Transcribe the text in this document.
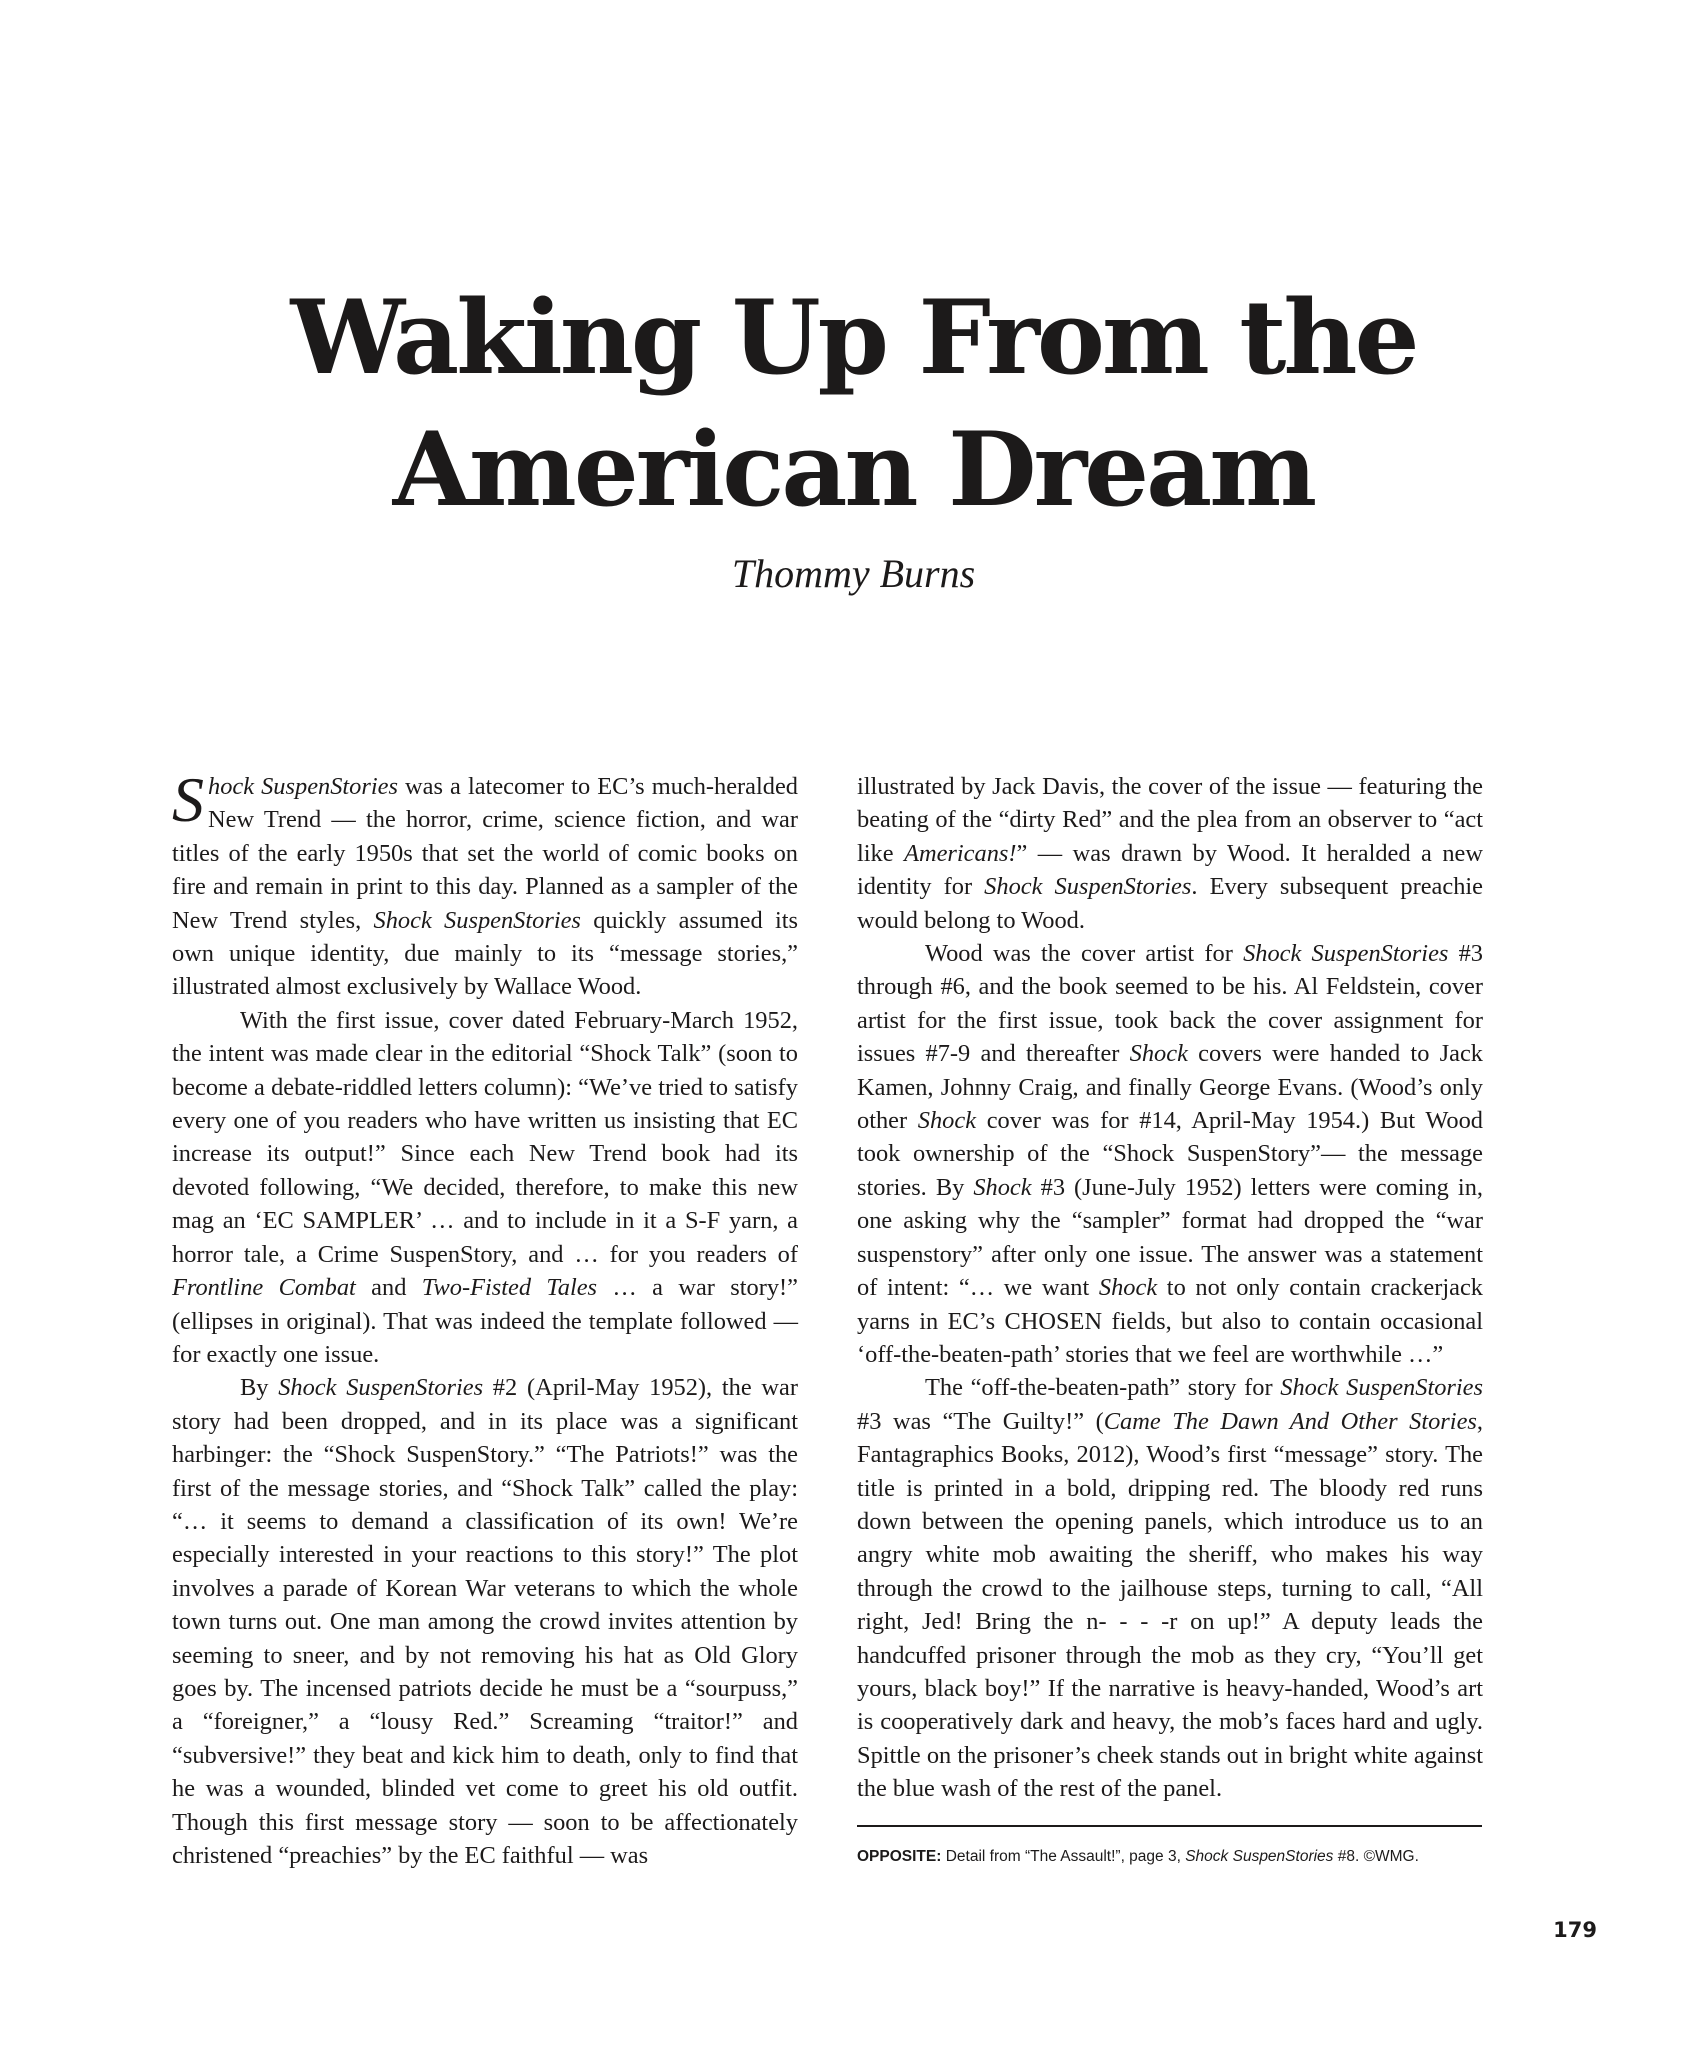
Waking Up From the
American Dream

Thommy Burns

Shock SuspenStories was a latecomer to EC’s much-heralded New Trend — the horror, crime, science fiction, and war titles of the early 1950s that set the world of comic books on fire and remain in print to this day. Planned as a sampler of the New Trend styles, Shock SuspenStories quickly assumed its own unique identity, due mainly to its “message stories,” illustrated almost exclusively by Wallace Wood.

With the first issue, cover dated February-March 1952, the intent was made clear in the editorial “Shock Talk” (soon to become a debate-riddled letters column): “We’ve tried to satisfy every one of you readers who have written us insisting that EC increase its output!” Since each New Trend book had its devoted following, “We decided, therefore, to make this new mag an ‘EC SAMPLER’ … and to include in it a S-F yarn, a horror tale, a Crime SuspenStory, and … for you readers of Frontline Combat and Two-Fisted Tales … a war story!” (ellipses in original). That was indeed the template followed — for exactly one issue.

By Shock SuspenStories #2 (April-May 1952), the war story had been dropped, and in its place was a significant harbinger: the “Shock SuspenStory.” “The Patriots!” was the first of the message stories, and “Shock Talk” called the play: “… it seems to demand a classification of its own! We’re especially interested in your reactions to this story!” The plot involves a parade of Korean War veterans to which the whole town turns out. One man among the crowd invites attention by seeming to sneer, and by not removing his hat as Old Glory goes by. The incensed patriots decide he must be a “sourpuss,” a “foreigner,” a “lousy Red.” Screaming “traitor!” and “subversive!” they beat and kick him to death, only to find that he was a wounded, blinded vet come to greet his old outfit. Though this first message story — soon to be affectionately christened “preachies” by the EC faithful — was

illustrated by Jack Davis, the cover of the issue — featuring the beating of the “dirty Red” and the plea from an observer to “act like Americans!” — was drawn by Wood. It heralded a new identity for Shock SuspenStories. Every subsequent preachie would belong to Wood.

Wood was the cover artist for Shock SuspenStories #3 through #6, and the book seemed to be his. Al Feldstein, cover artist for the first issue, took back the cover assignment for issues #7-9 and thereafter Shock covers were handed to Jack Kamen, Johnny Craig, and finally George Evans. (Wood’s only other Shock cover was for #14, April-May 1954.) But Wood took ownership of the “Shock SuspenStory”— the message stories. By Shock #3 (June-July 1952) letters were coming in, one asking why the “sampler” format had dropped the “war suspenstory” after only one issue. The answer was a statement of intent: “… we want Shock to not only contain crackerjack yarns in EC’s CHOSEN fields, but also to contain occasional ‘off-the-beaten-path’ stories that we feel are worthwhile …”

The “off-the-beaten-path” story for Shock SuspenStories #3 was “The Guilty!” (Came The Dawn And Other Stories, Fantagraphics Books, 2012), Wood’s first “message” story. The title is printed in a bold, dripping red. The bloody red runs down between the opening panels, which introduce us to an angry white mob awaiting the sheriff, who makes his way through the crowd to the jailhouse steps, turning to call, “All right, Jed! Bring the n- - - -r on up!” A deputy leads the handcuffed prisoner through the mob as they cry, “You’ll get yours, black boy!” If the narrative is heavy-handed, Wood’s art is cooperatively dark and heavy, the mob’s faces hard and ugly. Spittle on the prisoner’s cheek stands out in bright white against the blue wash of the rest of the panel.

OPPOSITE: Detail from “The Assault!”, page 3, Shock SuspenStories #8. ©WMG.

179
